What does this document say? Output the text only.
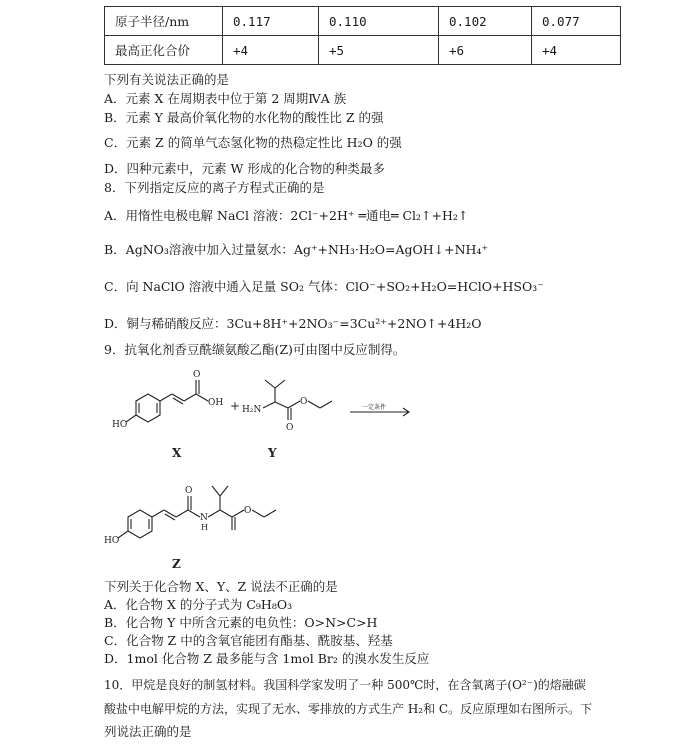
原子半径/nm	0.117	0.110	0.102	0.077
最高正化合价	+4	+5	+6	+4
下列有关说法正确的是
A．元素 X 在周期表中位于第 2 周期ⅣA 族
B．元素 Y 最高价氧化物的水化物的酸性比 Z 的强
C．元素 Z 的简单气态氢化物的热稳定性比 H₂O 的强
D．四种元素中，元素 W 形成的化合物的种类最多
8．下列指定反应的离子方程式正确的是
A．用惰性电极电解 NaCl 溶液：2Cl⁻+2H⁺ ═通电═ Cl₂↑+H₂↑
B．AgNO₃溶液中加入过量氨水：Ag⁺+NH₃·H₂O=AgOH↓+NH₄⁺
C．向 NaClO 溶液中通入足量 SO₂ 气体：ClO⁻+SO₂+H₂O=HClO+HSO₃⁻
D．铜与稀硝酸反应：3Cu+8H⁺+2NO₃⁻=3Cu²⁺+2NO↑+4H₂O
9．抗氧化剂香豆酰缬氨酸乙酯(Z)可由图中反应制得。
HO
O
OH
X
+ H₂N
O
O
Y
一定条件
HO
O
N
H
O
Z
下列关于化合物 X、Y、Z 说法不正确的是
A．化合物 X 的分子式为 C₉H₈O₃
B．化合物 Y 中所含元素的电负性：O>N>C>H
C．化合物 Z 中的含氧官能团有酯基、酰胺基、羟基
D．1mol 化合物 Z 最多能与含 1mol Br₂ 的溴水发生反应
10．甲烷是良好的制氢材料。我国科学家发明了一种 500℃时，在含氧离子(O²⁻)的熔融碳
酸盐中电解甲烷的方法，实现了无水、零排放的方式生产 H₂和 C。反应原理如右图所示。下
列说法正确的是
